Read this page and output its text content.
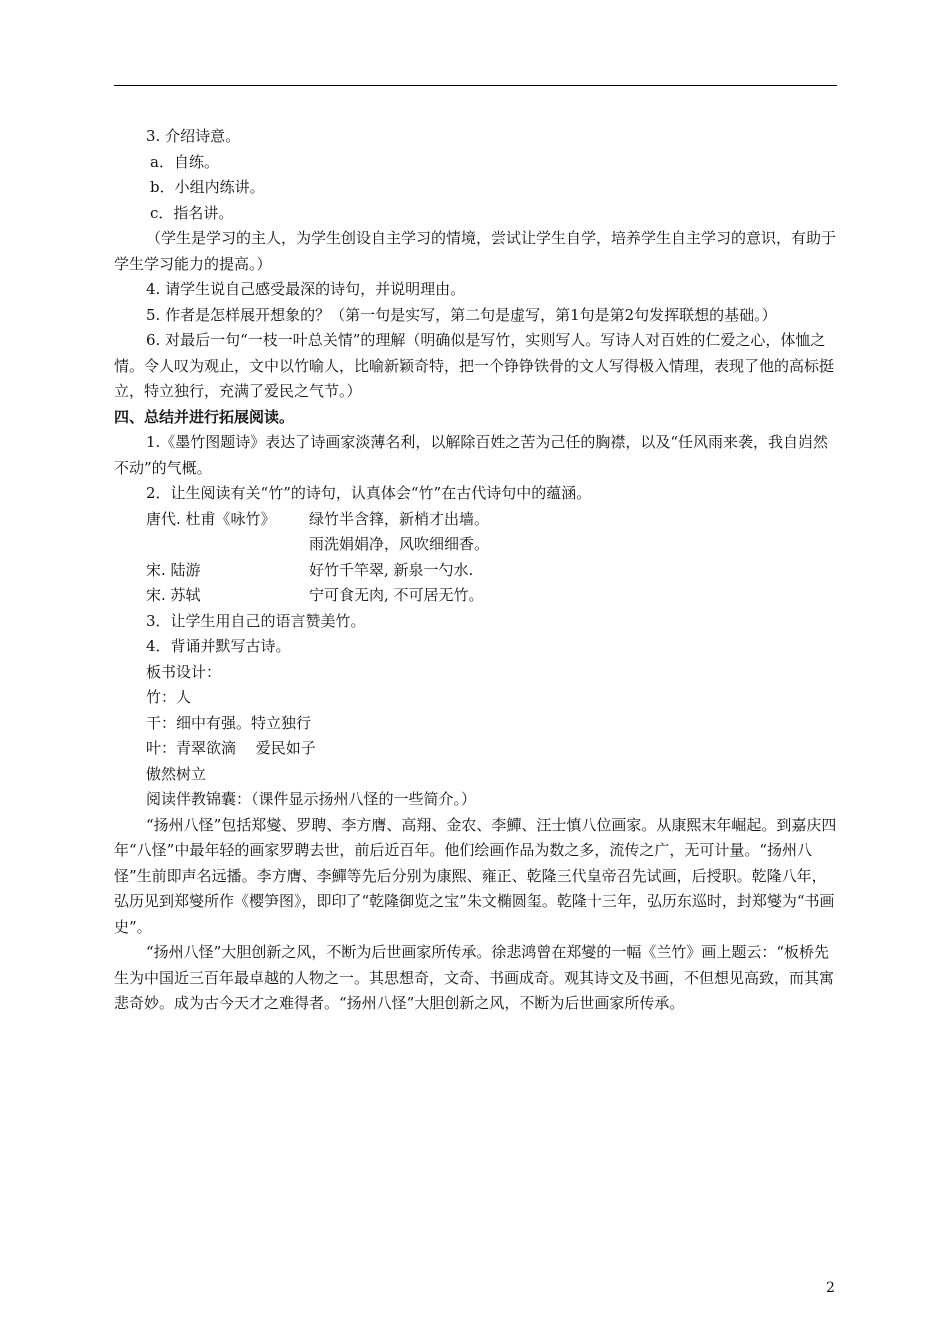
3. 介绍诗意。

a．自练。

b．小组内练讲。

c．指名讲。

（学生是学习的主人，为学生创设自主学习的情境，尝试让学生自学，培养学生自主学习的意识，有助于学生学习能力的提高。）

4. 请学生说自己感受最深的诗句，并说明理由。

5. 作者是怎样展开想象的？（第一句是实写，第二句是虚写，第1句是第2句发挥联想的基础。）

6. 对最后一句“一枝一叶总关情”的理解（明确似是写竹，实则写人。写诗人对百姓的仁爱之心，体恤之情。令人叹为观止，文中以竹喻人，比喻新颖奇特，把一个铮铮铁骨的文人写得极入情理，表现了他的高标挺立，特立独行，充满了爱民之气节。）

四、总结并进行拓展阅读。

1.《墨竹图题诗》表达了诗画家淡薄名利，以解除百姓之苦为己任的胸襟，以及“任风雨来袭，我自岿然不动”的气概。

2．让生阅读有关“竹”的诗句，认真体会“竹”在古代诗句中的蕴涵。

唐代. 杜甫《咏竹》	绿竹半含箨，新梢才出墙。
雨洗娟娟净，风吹细细香。
宋. 陆游	好竹千竿翠, 新泉一勺水.
宋. 苏轼	宁可食无肉, 不可居无竹。

3．让学生用自己的语言赞美竹。

4．背诵并默写古诗。

板书设计：

竹：人

干：细中有强。特立独行

叶：青翠欲滴　 爱民如子

傲然树立

阅读伴教锦囊：（课件显示扬州八怪的一些简介。）

“扬州八怪”包括郑燮、罗聘、李方膺、高翔、金农、李鱓、汪士慎八位画家。从康熙末年崛起。到嘉庆四年“八怪”中最年轻的画家罗聘去世，前后近百年。他们绘画作品为数之多，流传之广，无可计量。“扬州八怪”生前即声名远播。李方膺、李鱓等先后分别为康熙、雍正、乾隆三代皇帝召先试画，后授职。乾隆八年，弘历见到郑燮所作《樱笋图》，即印了“乾隆御览之宝”朱文椭圆玺。乾隆十三年，弘历东巡时，封郑燮为“书画史”。

“扬州八怪”大胆创新之风，不断为后世画家所传承。徐悲鸿曾在郑燮的一幅《兰竹》画上题云：“板桥先生为中国近三百年最卓越的人物之一。其思想奇，文奇、书画成奇。观其诗文及书画，不但想见高致，而其寓悲奇妙。成为古今天才之难得者。“扬州八怪”大胆创新之风，不断为后世画家所传承。

2
